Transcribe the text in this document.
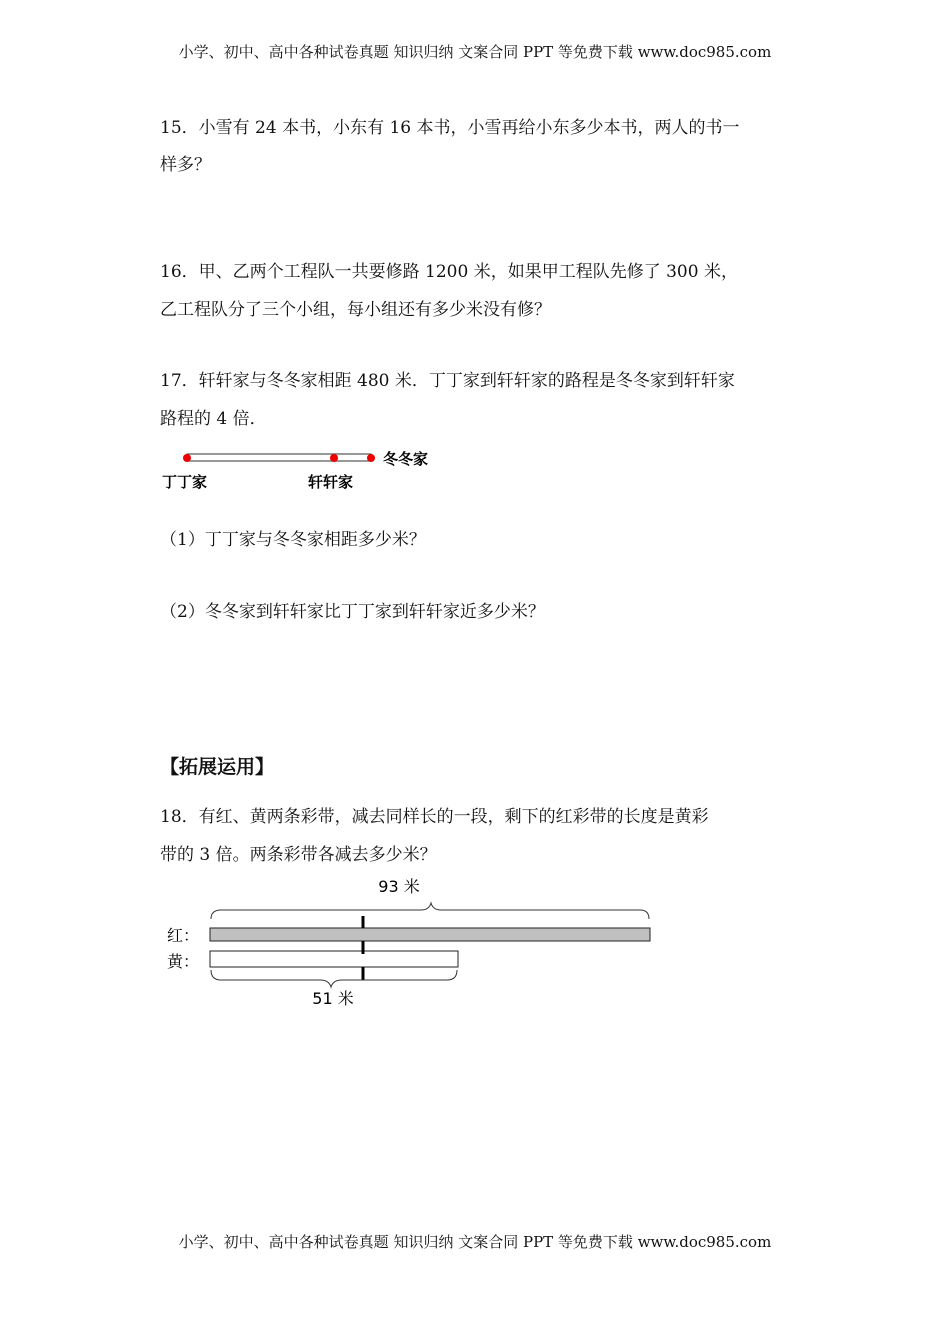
小学、初中、高中各种试卷真题 知识归纳 文案合同 PPT 等免费下载 www.doc985.com
15．小雪有 24 本书，小东有 16 本书，小雪再给小东多少本书，两人的书一
样多？
16．甲、乙两个工程队一共要修路 1200 米，如果甲工程队先修了 300 米，
乙工程队分了三个小组，每小组还有多少米没有修？
17．轩轩家与冬冬家相距 480 米．丁丁家到轩轩家的路程是冬冬家到轩轩家
路程的 4 倍．
冬冬家
丁丁家	轩轩家
（1）丁丁家与冬冬家相距多少米？
（2）冬冬家到轩轩家比丁丁家到轩轩家近多少米？
【拓展运用】
18．有红、黄两条彩带，减去同样长的一段，剩下的红彩带的长度是黄彩
带的 3 倍。两条彩带各减去多少米？
93 米
红：
黄：
51 米
小学、初中、高中各种试卷真题 知识归纳 文案合同 PPT 等免费下载 www.doc985.com
